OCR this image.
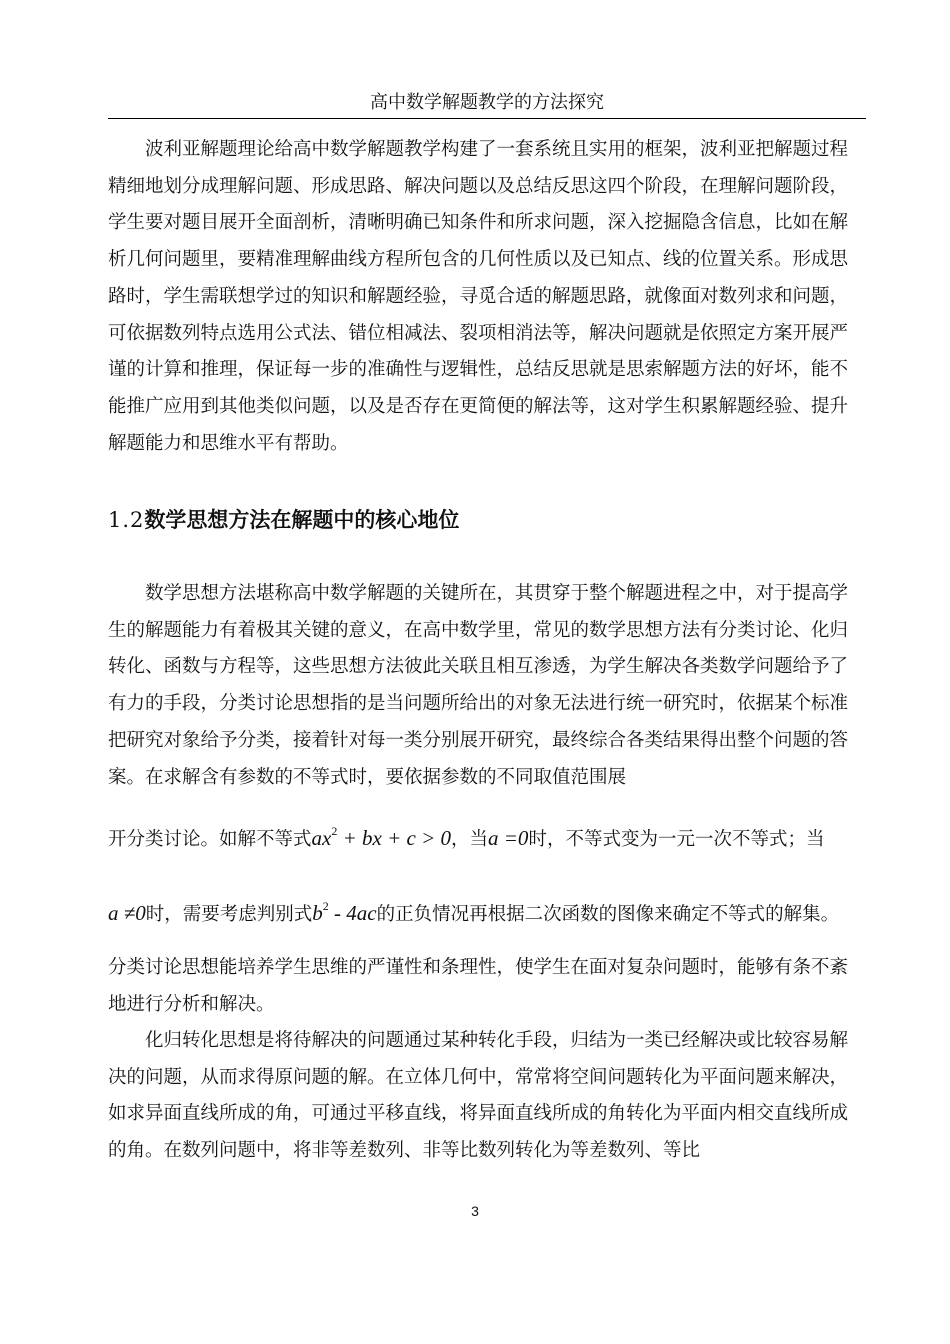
高中数学解题教学的方法探究

波利亚解题理论给高中数学解题教学构建了一套系统且实用的框架，波利亚把解题过程精细地划分成理解问题、形成思路、解决问题以及总结反思这四个阶段，在理解问题阶段，学生要对题目展开全面剖析，清晰明确已知条件和所求问题，深入挖掘隐含信息，比如在解析几何问题里，要精准理解曲线方程所包含的几何性质以及已知点、线的位置关系。形成思路时，学生需联想学过的知识和解题经验，寻觅合适的解题思路，就像面对数列求和问题，可依据数列特点选用公式法、错位相减法、裂项相消法等，解决问题就是依照定方案开展严谨的计算和推理，保证每一步的准确性与逻辑性，总结反思就是思索解题方法的好坏，能不能推广应用到其他类似问题，以及是否存在更简便的解法等，这对学生积累解题经验、提升解题能力和思维水平有帮助。

1.2数学思想方法在解题中的核心地位

数学思想方法堪称高中数学解题的关键所在，其贯穿于整个解题进程之中，对于提高学生的解题能力有着极其关键的意义，在高中数学里，常见的数学思想方法有分类讨论、化归转化、函数与方程等，这些思想方法彼此关联且相互渗透，为学生解决各类数学问题给予了有力的手段，分类讨论思想指的是当问题所给出的对象无法进行统一研究时，依据某个标准把研究对象给予分类，接着针对每一类分别展开研究，最终综合各类结果得出整个问题的答案。在求解含有参数的不等式时，要依据参数的不同取值范围展

开分类讨论。如解不等式$ax^2$ + bx + c > 0，当a =0时，不等式变为一元一次不等式；当

a ≠0时，需要考虑判别式$b^2 - 4ac$的正负情况再根据二次函数的图像来确定不等式的解集。

分类讨论思想能培养学生思维的严谨性和条理性，使学生在面对复杂问题时，能够有条不紊地进行分析和解决。

化归转化思想是将待解决的问题通过某种转化手段，归结为一类已经解决或比较容易解决的问题，从而求得原问题的解。在立体几何中，常常将空间问题转化为平面问题来解决，如求异面直线所成的角，可通过平移直线，将异面直线所成的角转化为平面内相交直线所成的角。在数列问题中，将非等差数列、非等比数列转化为等差数列、等比

3
